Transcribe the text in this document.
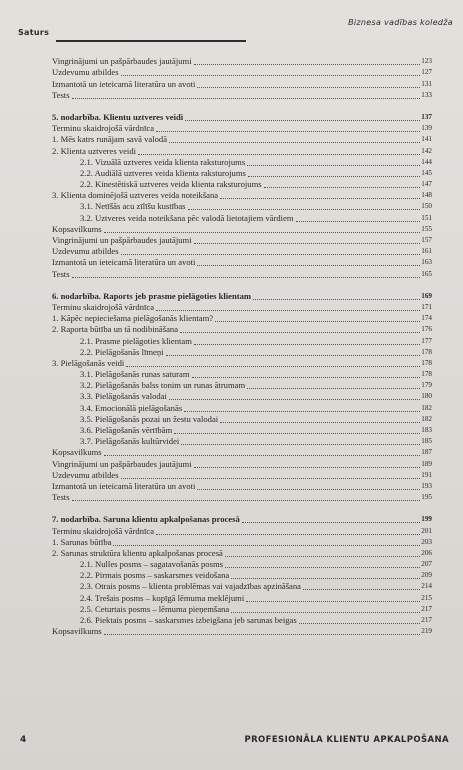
Saturs
Biznesa vadības koledža
Vingrinājumi un pašpārbaudes jautājumi	123
Uzdevumu atbildes	127
Izmantotā un ieteicamā literatūra un avoti	131
Tests	133
5. nodarbība. Klientu uztveres veidi	137
Terminu skaidrojošā vārdnīca	139
1. Mēs katrs runājam savā valodā	141
2. Klienta uztveres veidi	142
2.1. Vizuālā uztveres veida klienta raksturojums	144
2.2. Audiālā uztveres veida klienta raksturojums	145
2.2. Kinestētiskā uztveres veida klienta raksturojums	147
3. Klienta dominējošā uztveres veida noteikšana	148
3.1. Netīšās acu zīlīšu kustības	150
3.2. Uztveres veida noteikšana pēc valodā lietotajiem vārdiem	151
Kopsavilkums	155
Vingrinājumi un pašpārbaudes jautājumi	157
Uzdevumu atbildes	161
Izmantotā un ieteicamā literatūra un avoti	163
Tests	165
6. nodarbība. Raports jeb prasme pielāgoties klientam	169
Terminu skaidrojošā vārdnīca	171
1. Kāpēc nepieciešama pielāgošanās klientam?	174
2. Raporta būtība un tā nodibināšana	176
2.1. Prasme pielāgoties klientam	177
2.2. Pielāgošanās līmeņi	178
3. Pielāgošanās veidi	178
3.1. Pielāgošanās runas saturam	178
3.2. Pielāgošanās balss tonim un runas ātrumam	179
3.3. Pielāgošanās valodai	180
3.4. Emocionālā pielāgošanās	182
3.5. Pielāgošanās pozai un žestu valodai	182
3.6. Pielāgošanās vērtībām	183
3.7. Pielāgošanās kultūrvidei	185
Kopsavilkums	187
Vingrinājumi un pašpārbaudes jautājumi	189
Uzdevumu atbildes	191
Izmantotā un ieteicamā literatūra un avoti	193
Tests	195
7. nodarbība. Saruna klientu apkalpošanas procesā	199
Terminu skaidrojošā vārdnīca	201
1. Sarunas būtība	203
2. Sarunas struktūra klientu apkalpošanas procesā	206
2.1. Nulles posms – sagatavošanās posms	207
2.2. Pirmais posms – saskarsmes veidošana	209
2.3. Otrais posms – klienta problēmas vai vajadzības apzināšana	214
2.4. Trešais posms – kopīgā lēmuma meklējumi	215
2.5. Ceturtais posms – lēmuma pieņemšana	217
2.6. Piektais posms – saskarsmes izbeigšana jeb sarunas beigas	217
Kopsavilkums	219
4	PROFESIONĀLA KLIENTU APKALPOŠANA
